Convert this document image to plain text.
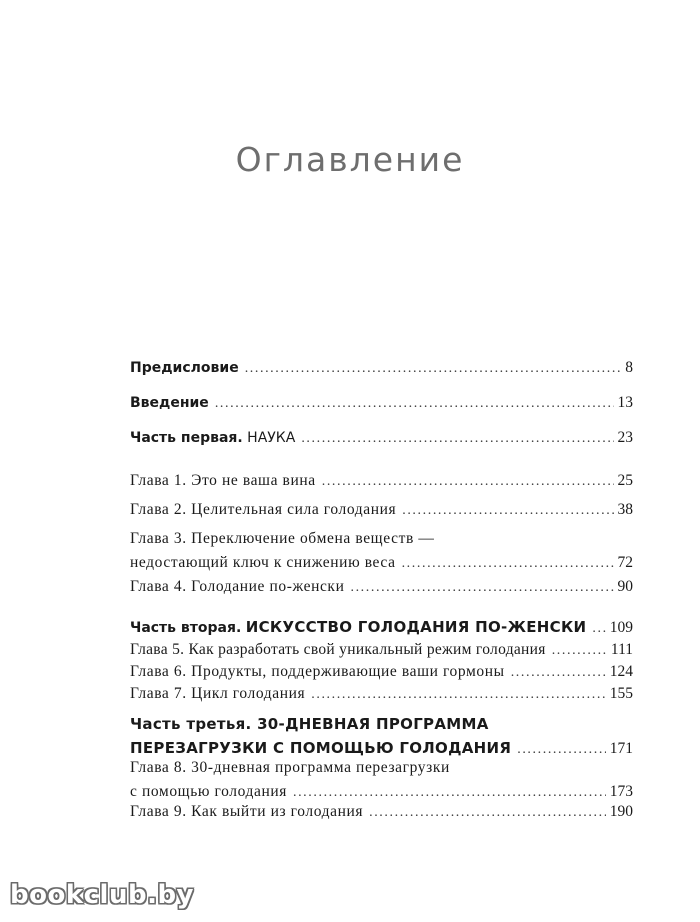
Оглавление
Предисловие .....	8
Введение .....	13
Часть первая. НАУКА .....	23
Глава 1. Это не ваша вина .....	25
Глава 2. Целительная сила голодания .....	38
Глава 3. Переключение обмена веществ —
недостающий ключ к снижению веса .....	72
Глава 4. Голодание по-женски .....	90
Часть вторая. ИСКУССТВО ГОЛОДАНИЯ ПО-ЖЕНСКИ ..... 109
Глава 5. Как разработать свой уникальный режим голодания .....	111
Глава 6. Продукты, поддерживающие ваши гормоны .....	124
Глава 7. Цикл голодания .....	155
Часть третья. 30-ДНЕВНАЯ ПРОГРАММА
ПЕРЕЗАГРУЗКИ С ПОМОЩЬЮ ГОЛОДАНИЯ .....	171
Глава 8. 30-дневная программа перезагрузки
с помощью голодания .....	173
Глава 9. Как выйти из голодания .....	190
bookclub.by
